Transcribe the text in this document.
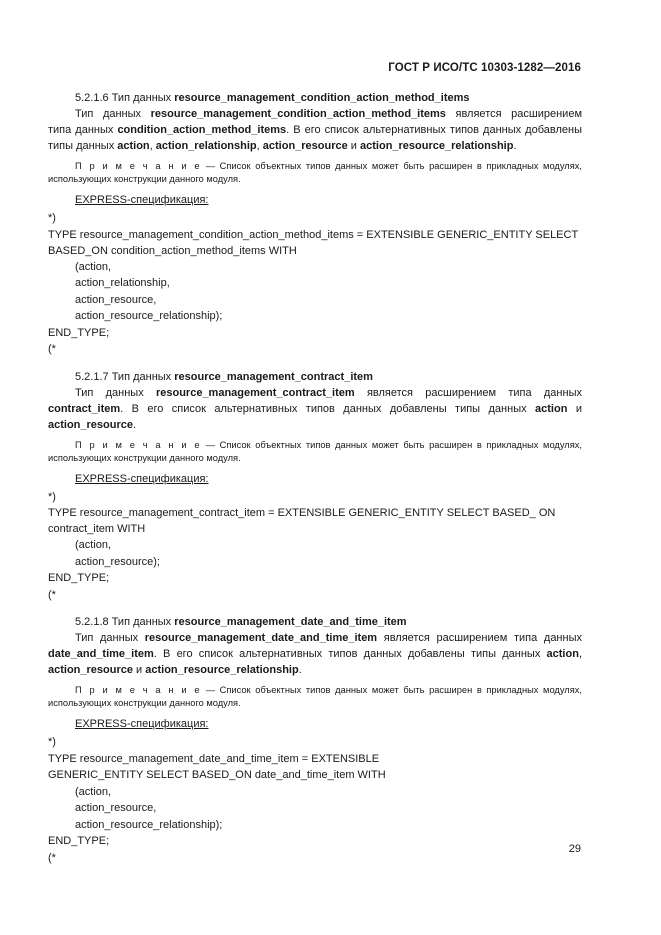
ГОСТ Р ИСО/ТС 10303-1282—2016

5.2.1.6 Тип данных resource_management_condition_action_method_items

Тип данных resource_management_condition_action_method_items является расширением типа данных condition_action_method_items. В его список альтернативных типов данных добавлены типы данных action, action_relationship, action_resource и action_resource_relationship.

П р и м е ч а н и е — Список объектных типов данных может быть расширен в прикладных модулях, использующих конструкции данного модуля.

EXPRESS-спецификация:

*)
TYPE resource_management_condition_action_method_items = EXTENSIBLE GENERIC_ENTITY SELECT BASED_ON condition_action_method_items WITH
(action,
action_relationship,
action_resource,
action_resource_relationship);
END_TYPE;
(*

5.2.1.7 Тип данных resource_management_contract_item

Тип данных resource_management_contract_item является расширением типа данных contract_item. В его список альтернативных типов данных добавлены типы данных action и action_resource.

П р и м е ч а н и е — Список объектных типов данных может быть расширен в прикладных модулях, использующих конструкции данного модуля.

EXPRESS-спецификация:

*)
TYPE resource_management_contract_item = EXTENSIBLE GENERIC_ENTITY SELECT BASED_ ON contract_item WITH
(action,
action_resource);
END_TYPE;
(*

5.2.1.8 Тип данных resource_management_date_and_time_item

Тип данных resource_management_date_and_time_item является расширением типа данных date_and_time_item. В его список альтернативных типов данных добавлены типы данных action, action_resource и action_resource_relationship.

П р и м е ч а н и е — Список объектных типов данных может быть расширен в прикладных модулях, использующих конструкции данного модуля.

EXPRESS-спецификация:

*)
TYPE resource_management_date_and_time_item = EXTENSIBLE
GENERIC_ENTITY SELECT BASED_ON date_and_time_item WITH
(action,
action_resource,
action_resource_relationship);
END_TYPE;
(*
29
